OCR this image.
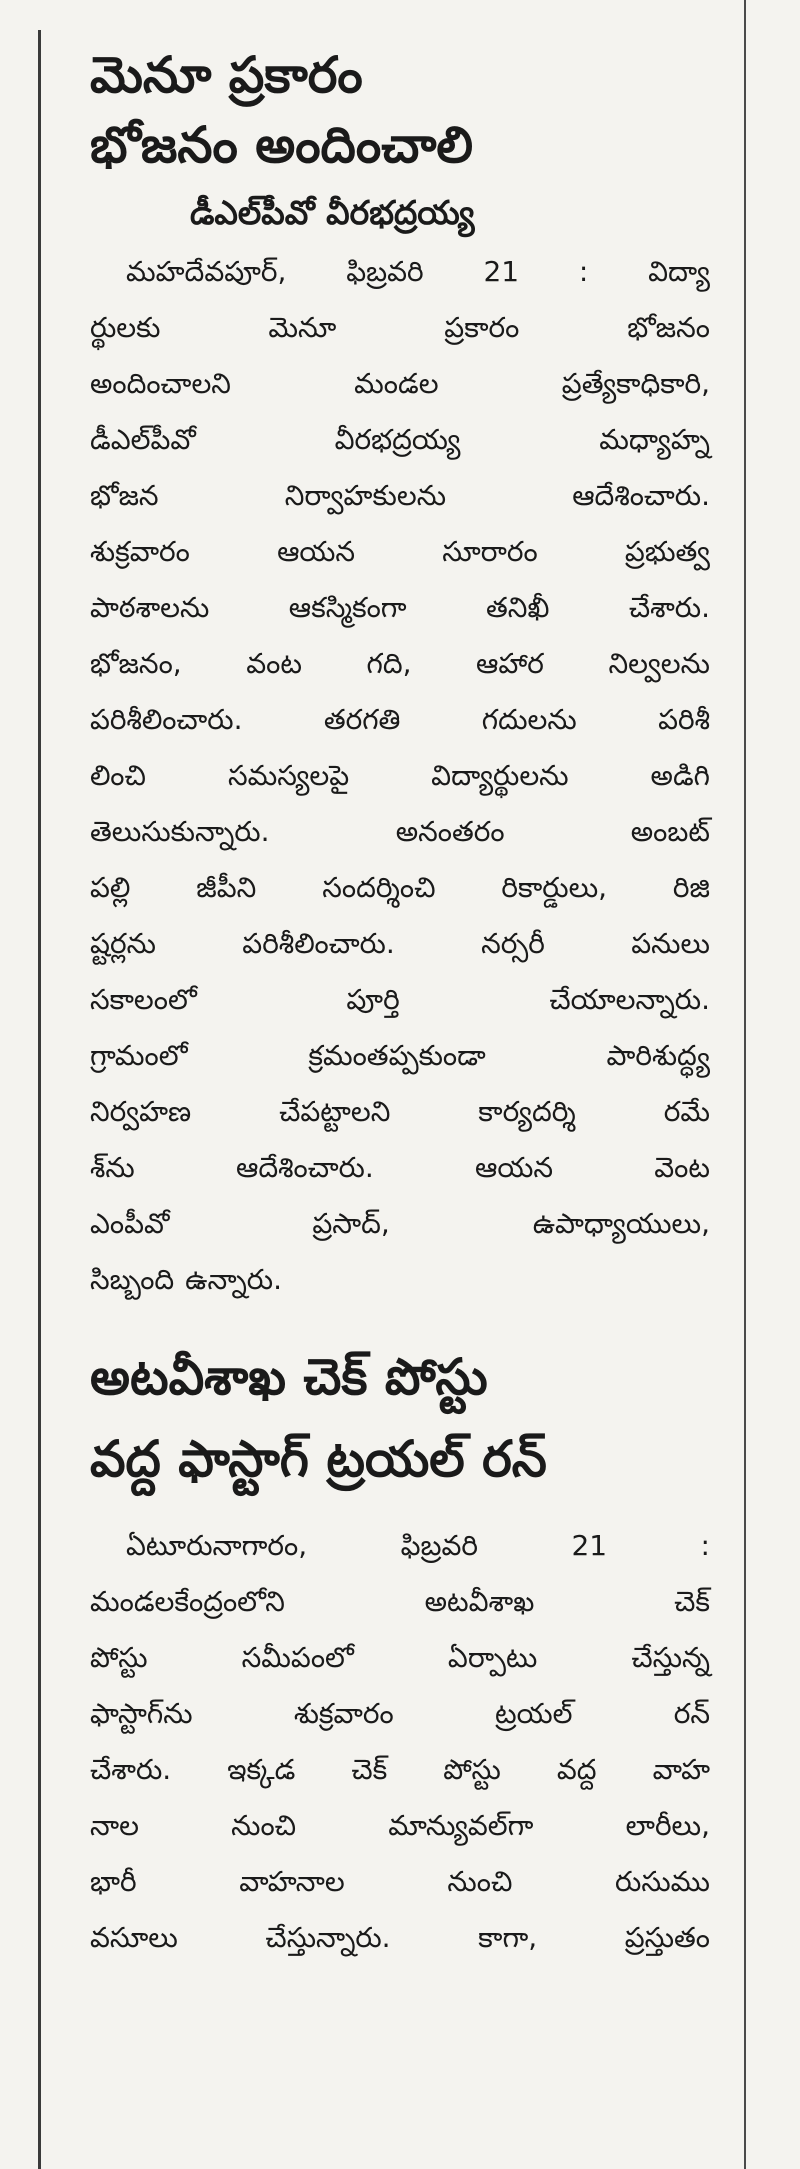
మెనూ ప్రకారం
భోజనం అందించాలి
డీఎల్‌పీవో వీరభద్రయ్య

మహదేవపూర్, ఫిబ్రవరి 21 : విద్యా

ర్థులకు మెనూ ప్రకారం భోజనం

అందించాలని మండల ప్రత్యేకాధికారి,

డీఎల్‌పీవో వీరభద్రయ్య మధ్యాహ్న

భోజన నిర్వాహకులను ఆదేశించారు.

శుక్రవారం ఆయన సూరారం ప్రభుత్వ

పాఠశాలను ఆకస్మికంగా తనిఖీ చేశారు.

భోజనం, వంట గది, ఆహార నిల్వలను

పరిశీలించారు. తరగతి గదులను పరిశీ

లించి సమస్యలపై విద్యార్థులను అడిగి

తెలుసుకున్నారు. అనంతరం అంబట్

పల్లి జీపీని సందర్శించి రికార్డులు, రిజి

ష్టర్లను పరిశీలించారు. నర్సరీ పనులు

సకాలంలో పూర్తి చేయాలన్నారు.

గ్రామంలో క్రమంతప్పకుండా పారిశుద్ధ్య

నిర్వహణ చేపట్టాలని కార్యదర్శి రమే

శ్‌ను ఆదేశించారు. ఆయన వెంట

ఎంపీవో ప్రసాద్, ఉపాధ్యాయులు,

సిబ్బంది ఉన్నారు.

అటవీశాఖ చెక్ పోస్టు
వద్ద ఫాస్టాగ్ ట్రయల్ రన్

ఏటూరునాగారం, ఫిబ్రవరి 21 :

మండలకేంద్రంలోని అటవీశాఖ చెక్

పోస్టు సమీపంలో ఏర్పాటు చేస్తున్న

ఫాస్టాగ్‌ను శుక్రవారం ట్రయల్ రన్

చేశారు. ఇక్కడ చెక్ పోస్టు వద్ద వాహ

నాల నుంచి మాన్యువల్‌గా లారీలు,

భారీ వాహనాల నుంచి రుసుము

వసూలు చేస్తున్నారు. కాగా, ప్రస్తుతం
